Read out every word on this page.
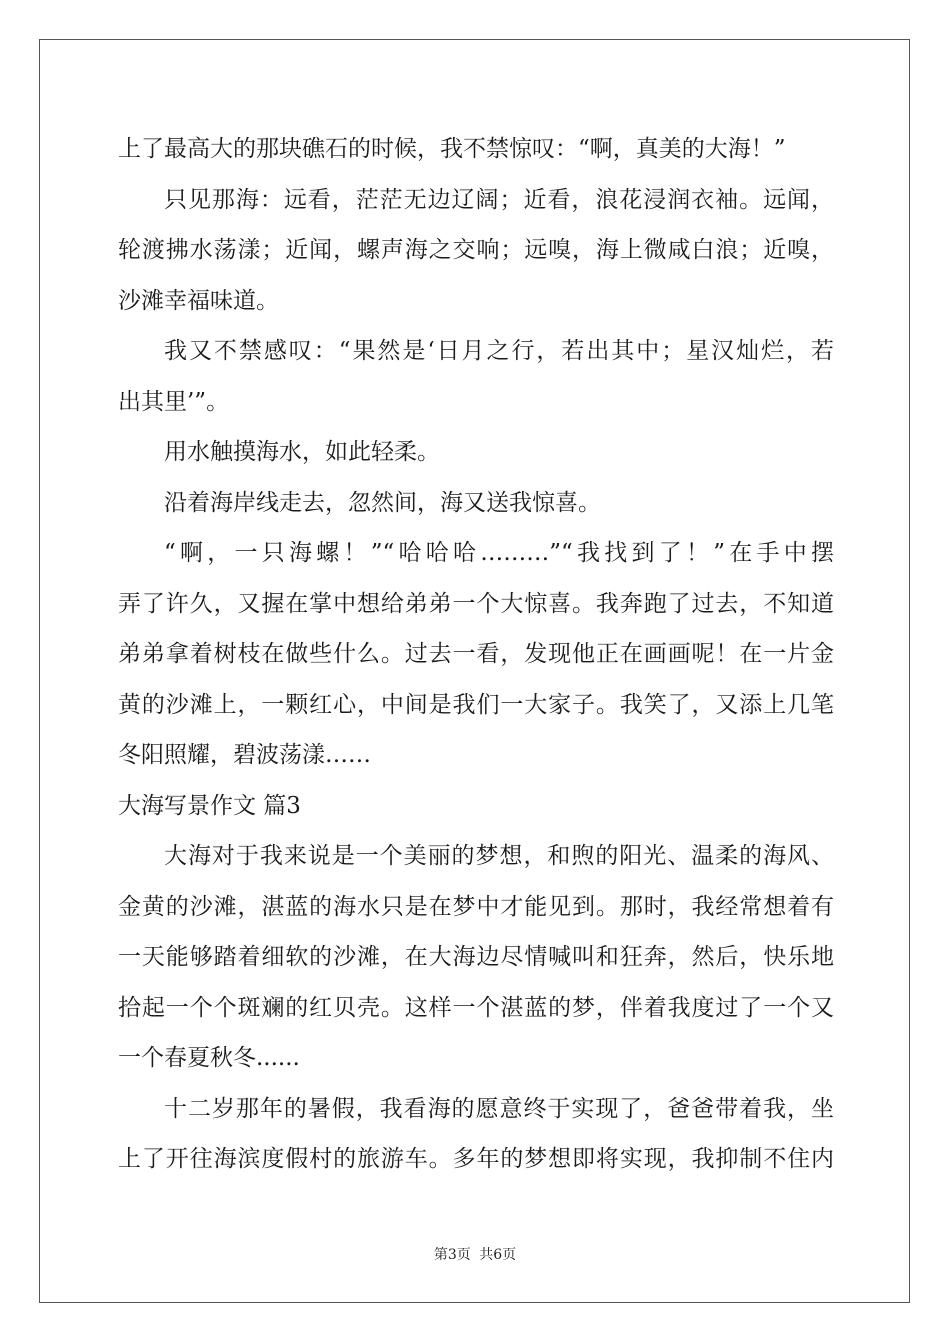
上了最高大的那块礁石的时候，我不禁惊叹：“啊，真美的大海！”
只见那海：远看，茫茫无边辽阔；近看，浪花浸润衣袖。远闻，
轮渡拂水荡漾；近闻，螺声海之交响；远嗅，海上微咸白浪；近嗅，
沙滩幸福味道。
我又不禁感叹：“果然是‘日月之行，若出其中；星汉灿烂，若
出其里’”。
用水触摸海水，如此轻柔。
沿着海岸线走去，忽然间，海又送我惊喜。
“啊，一只海螺！”“哈哈哈………”“我找到了！”在手中摆
弄了许久，又握在掌中想给弟弟一个大惊喜。我奔跑了过去，不知道
弟弟拿着树枝在做些什么。过去一看，发现他正在画画呢！在一片金
黄的沙滩上，一颗红心，中间是我们一大家子。我笑了，又添上几笔
冬阳照耀，碧波荡漾……
大海写景作文 篇3
大海对于我来说是一个美丽的梦想，和煦的阳光、温柔的海风、
金黄的沙滩，湛蓝的海水只是在梦中才能见到。那时，我经常想着有
一天能够踏着细软的沙滩，在大海边尽情喊叫和狂奔，然后，快乐地
拾起一个个斑斓的红贝壳。这样一个湛蓝的梦，伴着我度过了一个又
一个春夏秋冬......
十二岁那年的暑假，我看海的愿意终于实现了，爸爸带着我，坐
上了开往海滨度假村的旅游车。多年的梦想即将实现，我抑制不住内
第3页 共6页
